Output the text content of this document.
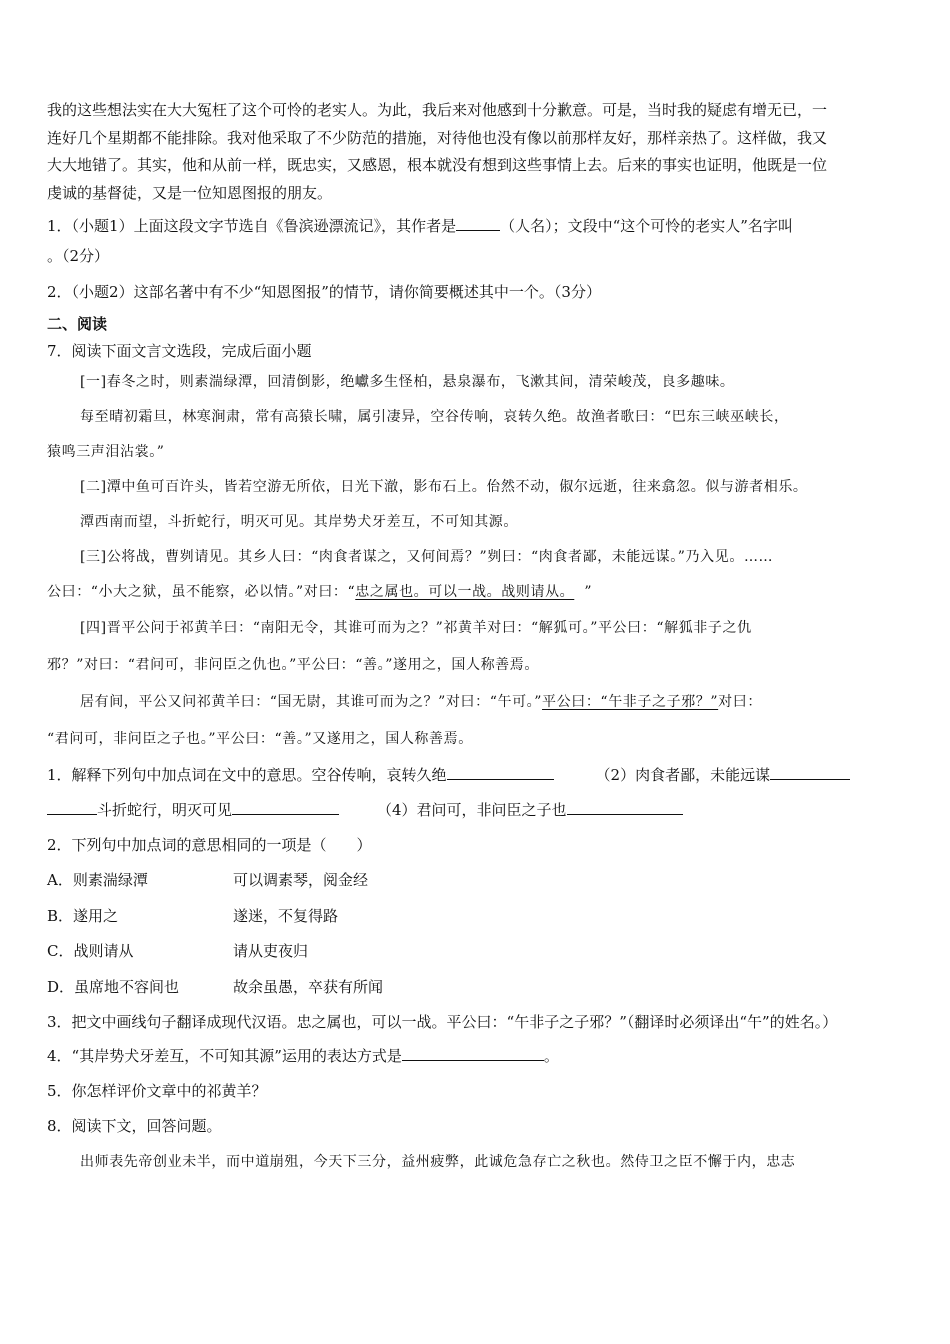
我的这些想法实在大大冤枉了这个可怜的老实人。为此，我后来对他感到十分歉意。可是，当时我的疑虑有增无已，一
连好几个星期都不能排除。我对他采取了不少防范的措施，对待他也没有像以前那样友好，那样亲热了。这样做，我又
大大地错了。其实，他和从前一样，既忠实，又感恩，根本就没有想到这些事情上去。后来的事实也证明，他既是一位
虔诚的基督徒，又是一位知恩图报的朋友。
1．（小题1）上面这段文字节选自《鲁滨逊漂流记》，其作者是	（人名）；文段中“这个可怜的老实人”名字叫
。（2分）
2．（小题2）这部名著中有不少“知恩图报”的情节，请你简要概述其中一个。（3分）
二、阅读
7．阅读下面文言文选段，完成后面小题
[一]春冬之时，则素湍绿潭，回清倒影，绝巘多生怪柏，悬泉瀑布，飞漱其间，清荣峻茂，良多趣味。
每至晴初霜旦，林寒涧肃，常有高猿长啸，属引凄异，空谷传响，哀转久绝。故渔者歌曰：“巴东三峡巫峡长，
猿鸣三声泪沾裳。”
[二]潭中鱼可百许头，皆若空游无所依，日光下澈，影布石上。佁然不动，俶尔远逝，往来翕忽。似与游者相乐。
潭西南而望，斗折蛇行，明灭可见。其岸势犬牙差互，不可知其源。
[三]公将战，曹刿请见。其乡人曰：“肉食者谋之，又何间焉？”刿曰：“肉食者鄙，未能远谋。”乃入见。……
公曰：“小大之狱，虽不能察，必以情。”对曰：“忠之属也。可以一战。战则请从。 ”
[四]晋平公问于祁黄羊曰：“南阳无令，其谁可而为之？”祁黄羊对曰：“解狐可。”平公曰：“解狐非子之仇
邪？”对曰：“君问可，非问臣之仇也。”平公曰：“善。”遂用之，国人称善焉。
居有间，平公又问祁黄羊曰：“国无尉，其谁可而为之？”对曰：“午可。”平公曰：“午非子之子邪？”对曰：
“君问可，非问臣之子也。”平公曰：“善。”又遂用之，国人称善焉。
1．解释下列句中加点词在文中的意思。空谷传响，哀转久绝	（2）肉食者鄙，未能远谋
斗折蛇行，明灭可见	（4）君问可，非问臣之子也
2．下列句中加点词的意思相同的一项是（　　）
A．则素湍绿潭	可以调素琴，阅金经
B．遂用之	遂迷，不复得路
C．战则请从	请从吏夜归
D．虽席地不容间也	故余虽愚，卒获有所闻
3．把文中画线句子翻译成现代汉语。忠之属也，可以一战。平公曰：“午非子之子邪？”（翻译时必须译出“午”的姓名。）
4．“其岸势犬牙差互，不可知其源”运用的表达方式是	。
5．你怎样评价文章中的祁黄羊？
8．阅读下文，回答问题。
出师表先帝创业未半，而中道崩殂，今天下三分，益州疲弊，此诚危急存亡之秋也。然侍卫之臣不懈于内，忠志
